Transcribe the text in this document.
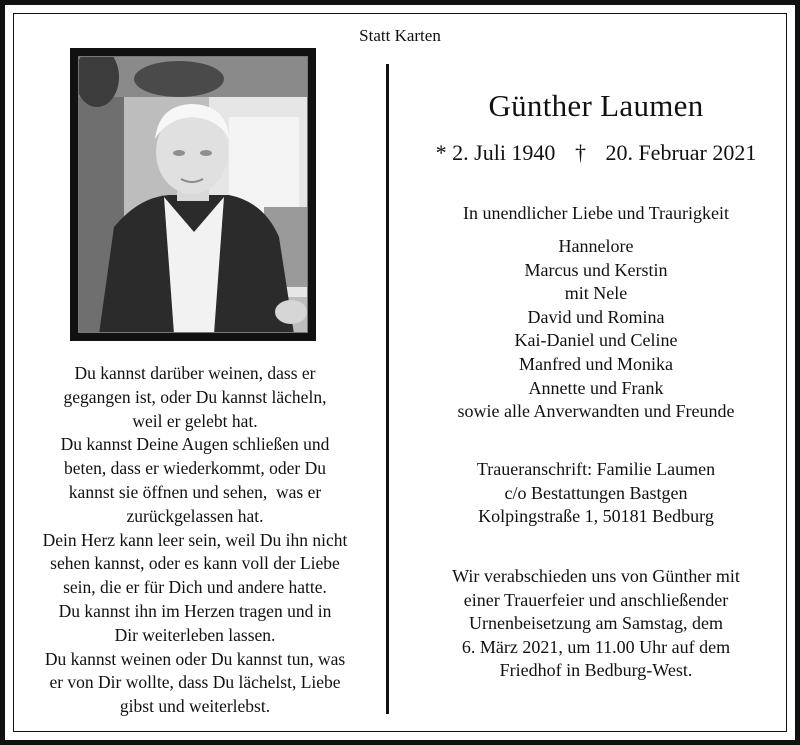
Statt Karten
Du kannst darüber weinen, dass er
gegangen ist, oder Du kannst lächeln,
weil er gelebt hat.
Du kannst Deine Augen schließen und
beten, dass er wiederkommt, oder Du
kannst sie öffnen und sehen,  was er
zurückgelassen hat.
Dein Herz kann leer sein, weil Du ihn nicht
sehen kannst, oder es kann voll der Liebe
sein, die er für Dich und andere hatte.
Du kannst ihn im Herzen tragen und in
Dir weiterleben lassen.
Du kannst weinen oder Du kannst tun, was
er von Dir wollte, dass Du lächelst, Liebe
gibst und weiterlebst.
Günther Laumen
* 2. Juli 1940 † 20. Februar 2021
In unendlicher Liebe und Traurigkeit
Hannelore
Marcus und Kerstin
mit Nele
David und Romina
Kai-Daniel und Celine
Manfred und Monika
Annette und Frank
sowie alle Anverwandten und Freunde
Traueranschrift: Familie Laumen
c/o Bestattungen Bastgen
Kolpingstraße 1, 50181 Bedburg
Wir verabschieden uns von Günther mit
einer Trauerfeier und anschließender
Urnenbeisetzung am Samstag, dem
6. März 2021, um 11.00 Uhr auf dem
Friedhof in Bedburg-West.
